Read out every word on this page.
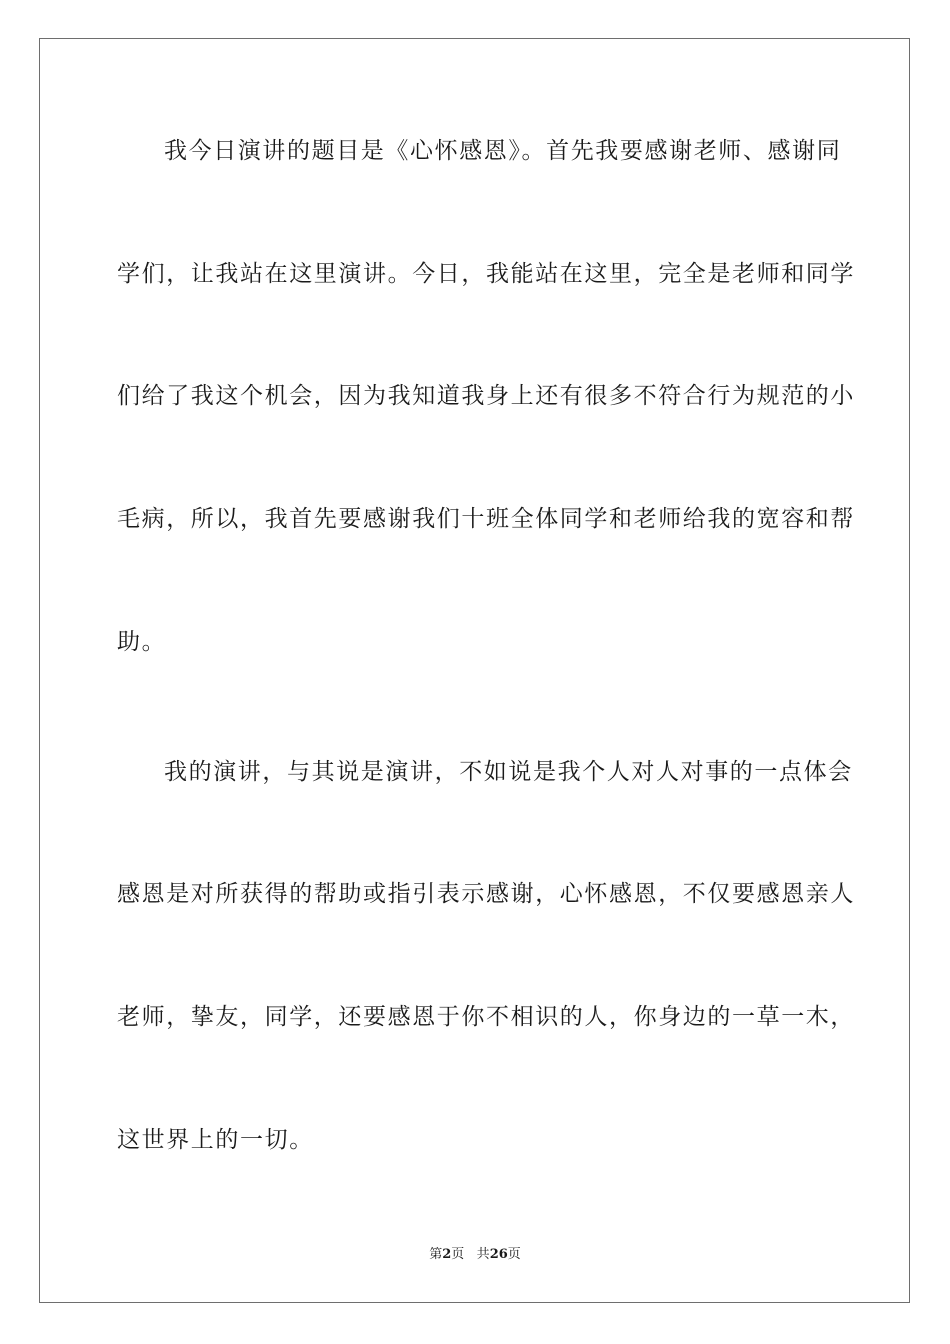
我今日演讲的题目是《心怀感恩》。首先我要感谢老师、感谢同

学们，让我站在这里演讲。今日，我能站在这里，完全是老师和同学

们给了我这个机会，因为我知道我身上还有很多不符合行为规范的小

毛病，所以，我首先要感谢我们十班全体同学和老师给我的宽容和帮

助。

我的演讲，与其说是演讲，不如说是我个人对人对事的一点体会

感恩是对所获得的帮助或指引表示感谢，心怀感恩，不仅要感恩亲人

老师，挚友，同学，还要感恩于你不相识的人，你身边的一草一木，

这世界上的一切。

第2页 共26页
